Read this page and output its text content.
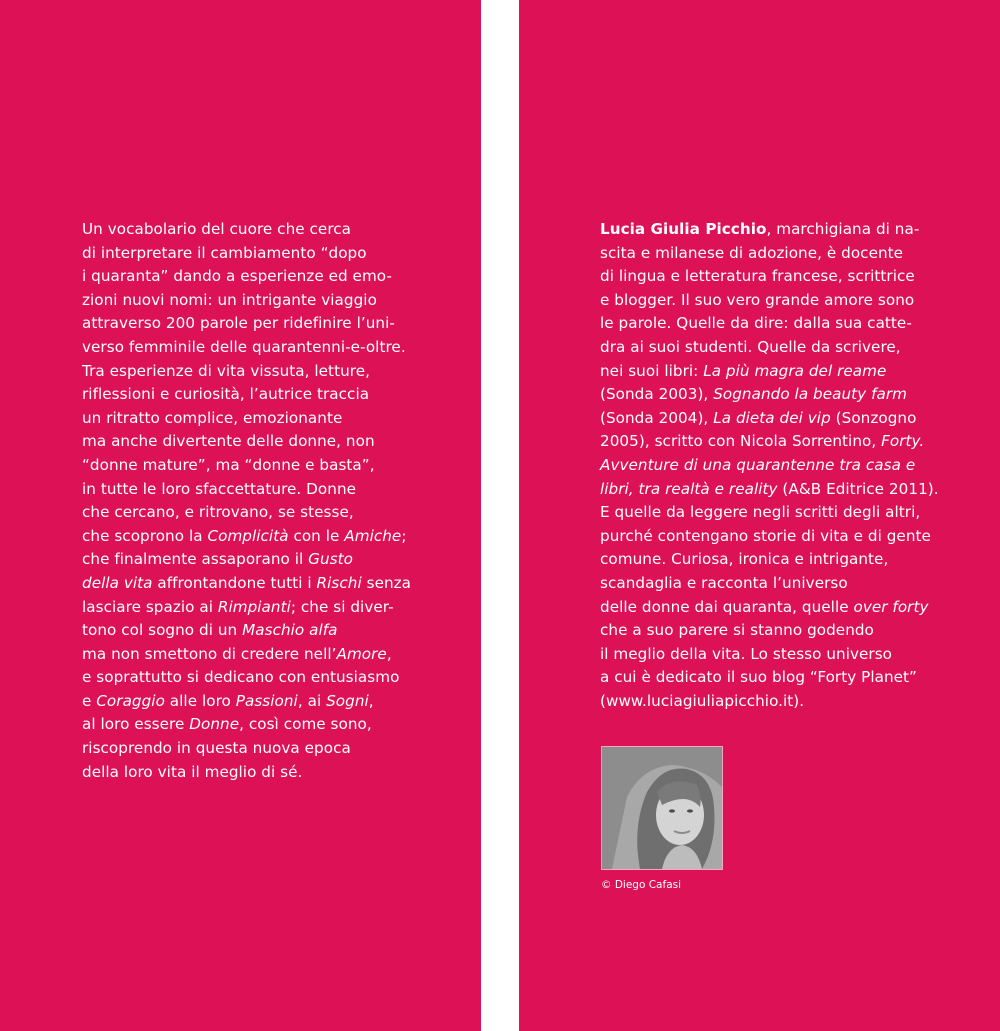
Un vocabolario del cuore che cerca
di interpretare il cambiamento “dopo
i quaranta” dando a esperienze ed emo-
zioni nuovi nomi: un intrigante viaggio
attraverso 200 parole per ridefinire l’uni-
verso femminile delle quarantenni-e-oltre.
Tra esperienze di vita vissuta, letture,
riflessioni e curiosità, l’autrice traccia
un ritratto complice, emozionante
ma anche divertente delle donne, non
“donne mature”, ma “donne e basta”,
in tutte le loro sfaccettature. Donne
che cercano, e ritrovano, se stesse,
che scoprono la Complicità con le Amiche;
che finalmente assaporano il Gusto
della vita affrontandone tutti i Rischi senza
lasciare spazio ai Rimpianti; che si diver-
tono col sogno di un Maschio alfa
ma non smettono di credere nell’Amore,
e soprattutto si dedicano con entusiasmo
e Coraggio alle loro Passioni, ai Sogni,
al loro essere Donne, così come sono,
riscoprendo in questa nuova epoca
della loro vita il meglio di sé.
Lucia Giulia Picchio, marchigiana di na-
scita e milanese di adozione, è docente
di lingua e letteratura francese, scrittrice
e blogger. Il suo vero grande amore sono
le parole. Quelle da dire: dalla sua catte-
dra ai suoi studenti. Quelle da scrivere,
nei suoi libri: La più magra del reame
(Sonda 2003), Sognando la beauty farm
(Sonda 2004), La dieta dei vip (Sonzogno
2005), scritto con Nicola Sorrentino, Forty.
Avventure di una quarantenne tra casa e
libri, tra realtà e reality (A&B Editrice 2011).
E quelle da leggere negli scritti degli altri,
purché contengano storie di vita e di gente
comune. Curiosa, ironica e intrigante,
scandaglia e racconta l’universo
delle donne dai quaranta, quelle over forty
che a suo parere si stanno godendo
il meglio della vita. Lo stesso universo
a cui è dedicato il suo blog “Forty Planet”
(www.luciagiuliapicchio.it).
© Diego Cafasi
